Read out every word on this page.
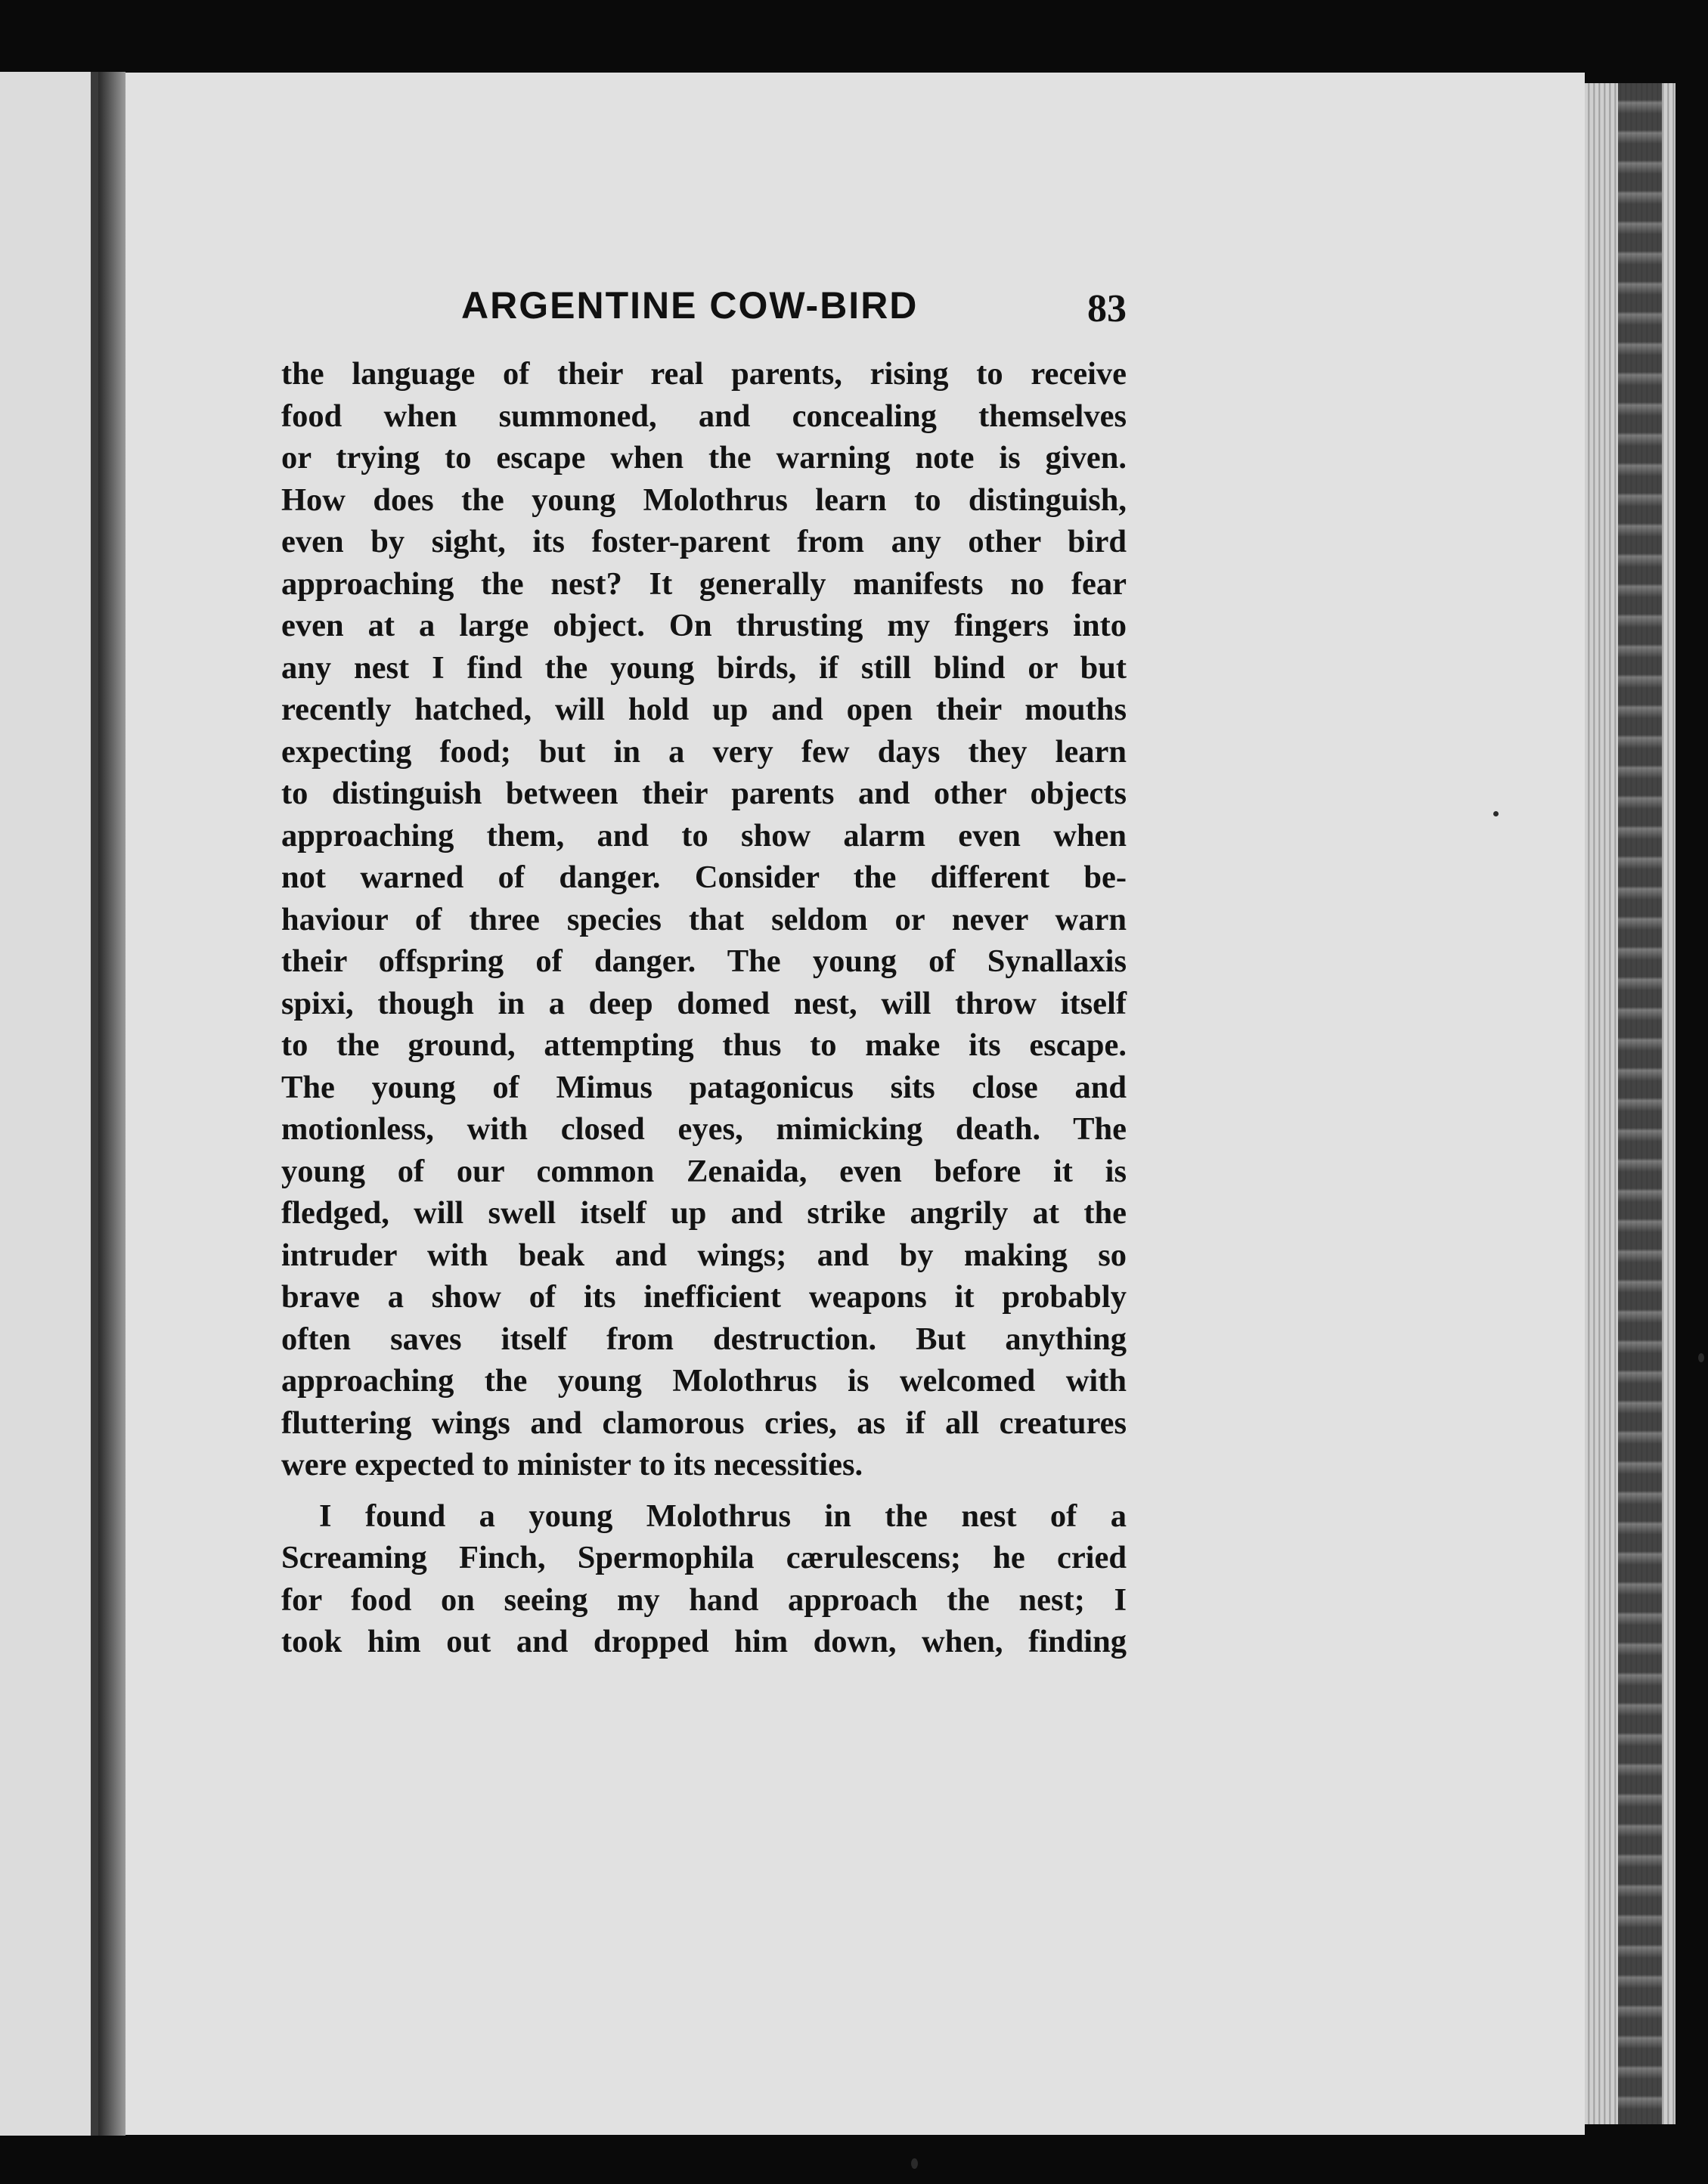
ARGENTINE COW-BIRD	83
the language of their real parents, rising to receive
food when summoned, and concealing themselves
or trying to escape when the warning note is given.
How does the young Molothrus learn to distinguish,
even by sight, its foster-parent from any other bird
approaching the nest? It generally manifests no fear
even at a large object. On thrusting my fingers into
any nest I find the young birds, if still blind or but
recently hatched, will hold up and open their mouths
expecting food; but in a very few days they learn
to distinguish between their parents and other objects
approaching them, and to show alarm even when
not warned of danger. Consider the different be-
haviour of three species that seldom or never warn
their offspring of danger. The young of Synallaxis
spixi, though in a deep domed nest, will throw itself
to the ground, attempting thus to make its escape.
The young of Mimus patagonicus sits close and
motionless, with closed eyes, mimicking death. The
young of our common Zenaida, even before it is
fledged, will swell itself up and strike angrily at the
intruder with beak and wings; and by making so
brave a show of its inefficient weapons it probably
often saves itself from destruction. But anything
approaching the young Molothrus is welcomed with
fluttering wings and clamorous cries, as if all creatures
were expected to minister to its necessities.
I found a young Molothrus in the nest of a
Screaming Finch, Spermophila cærulescens; he cried
for food on seeing my hand approach the nest; I
took him out and dropped him down, when, finding
